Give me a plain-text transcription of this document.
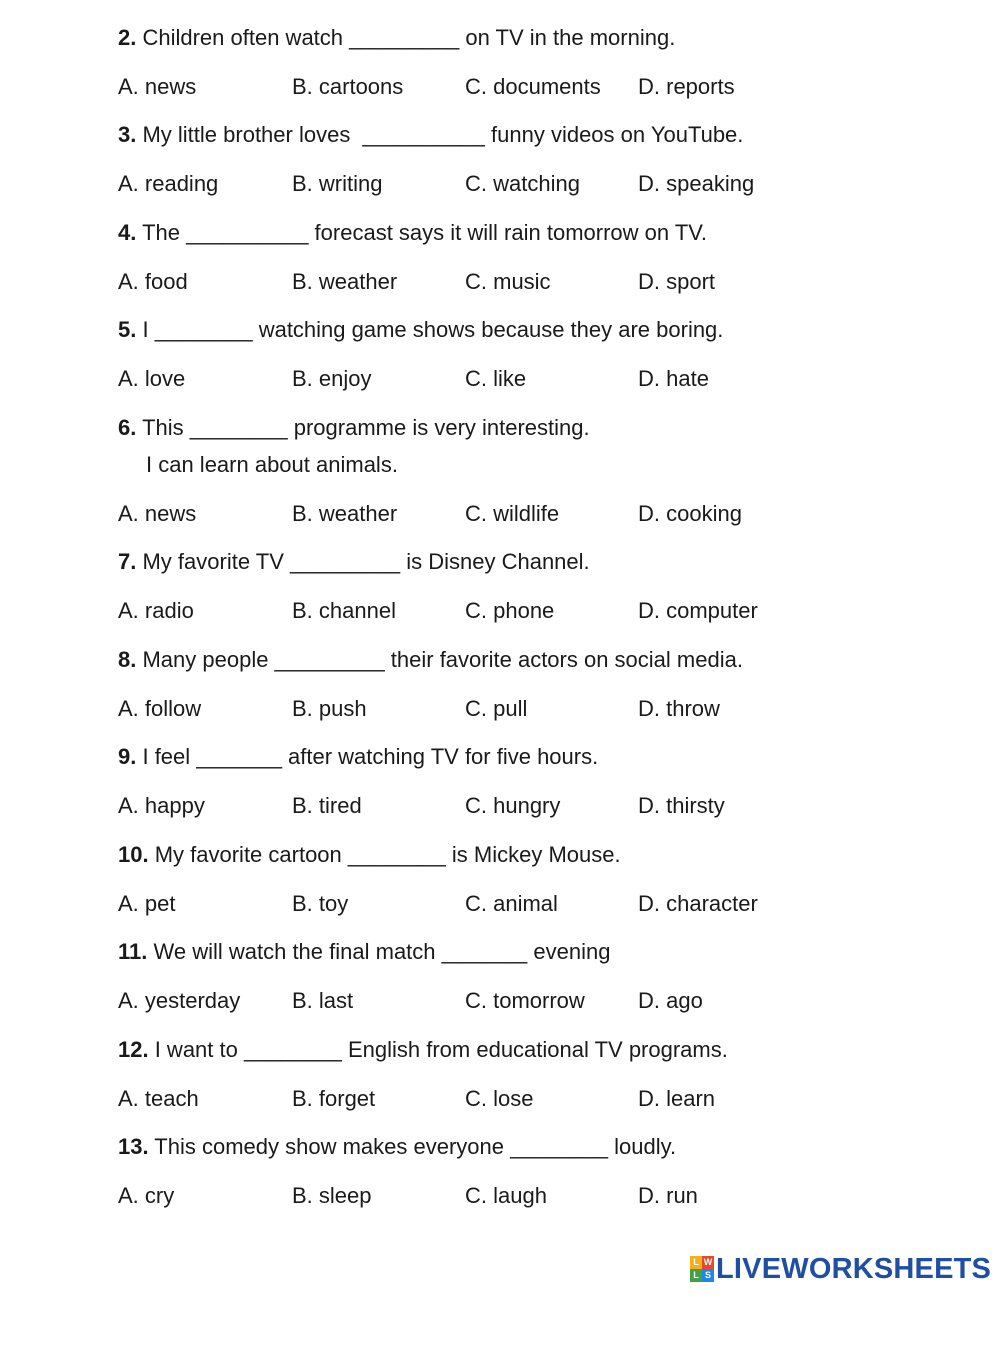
2. Children often watch _________ on TV in the morning.

A. news

	B. cartoons

	C. documents

D. reports

3. My little brother loves  __________ funny videos on YouTube.

A. reading

	B. writing

	C. watching

	D. speaking

4. The __________ forecast says it will rain tomorrow on TV.

A. food

	B. weather

	C. music

	D. sport

5. I ________ watching game shows because they are boring.

A. love

	B. enjoy

	C. like

	D. hate

6. This ________ programme is very interesting.
I can learn about animals.

A. news

	B. weather

	C. wildlife

	D. cooking

7. My favorite TV _________ is Disney Channel.

A. radio

	B. channel

	C. phone

	D. computer

8. Many people _________ their favorite actors on social media.

A. follow

	B. push

	C. pull

	D. throw

9. I feel _______ after watching TV for five hours.

A. happy

	B. tired

	C. hungry

	D. thirsty

10. My favorite cartoon ________ is Mickey Mouse.

A. pet

	B. toy

	C. animal

	D. character

11. We will watch the final match _______ evening

A. yesterday

B. last

	C. tomorrow

D. ago

12. I want to ________ English from educational TV programs.

A. teach

	B. forget

	C. lose

	D. learn

13. This comedy show makes everyone ________ loudly.

A. cry

	B. sleep

	C. laugh

	D. run

L W
L S LIVEWORKSHEETS
